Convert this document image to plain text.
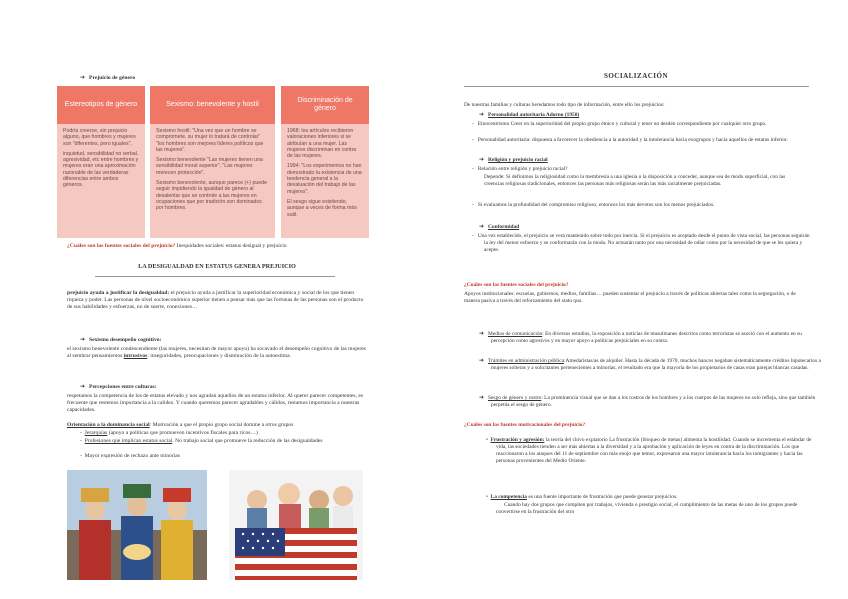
➔ Prejuicio de género

Estereotipos de género	Sexismo: benevolente y hostil
Discriminación de género

Podría creerse, sin prejuicio alguno, que hombres y mujeres son "diferentes, pero iguales",

inquietud, sensibilidad no verbal, agresividad, etc entre hombres y mujeres eran una aproximación razonable de las verdaderas diferencias entre ambos géneros.

Sexismo hostil: "Una vez que un hombre se compromete, su mujer lo tratará de controlar" "los hombres son mejores líderes políticos que las mujeres".

Sexismo benevolente "Las mujeres tienen una sensibilidad moral superior", "Las mujeres merecen protección".

Sexismo benevolente, aunque parece (+) puede seguir impidiendo la igualdad de género al desalentar que se controle a las mujeres en ocupaciones que por tradición son dominados por hombres.

1968: los artículos recibieron valoraciones inferiores si se atribuían a una mujer. Las mujeres discriminan en contra de las mujeres.

1994: "Los experimentos no han demostrado la existencia de una tendencia general a la devaluación del trabajo de las mujeres".

El sesgo sigue existiendo, aunque a veces de forma más sutil.

¿Cuáles son las fuentes sociales del prejuicio? Inequidades sociales: estatus desigual y prejuicio

LA DESIGUALDAD EN ESTATUS GENERA PREJUICIO

prejuicio ayuda a justificar la desigualdad: el prejuicio ayuda a justificar la superioridad económica y social de los que tienen riqueza y poder. Las personas de nivel socioeconómico superior tienen a pensar más que las fortunas de las personas son el producto de sus habilidades y esfuerzas, no de suerte, conexiones…

➔ Sexismo desempeño cognitivo:

el sexismo benevolente condescendiente (las mujeres, necesitan de mayor apoyo) ha socavado el desempeño cognitivo de las mujeres al sembrar pensamientos intrusivos: inseguridades, preocupaciones y disminución de la autoestima.

➔ Percepciones entre culturas:

respetamos la competencia de los de estatus elevado y nos agradan aquellos de un estatus inferior. Al querer parecer competentes, es frecuente que restemos importancia a la calidez. Y cuando queremos parecer agradables y cálidos, restamos importancia a nuestras capacidades.

Orientación a la dominancia social: Motivación a que el propio grupo social domine a otros grupos

-  Jerarquías (apoyo a políticas que promueven incentivos fiscales para ricos…)

-  Profesiones que implican estatus social. No trabajo social que promueve la reducción de las desigualdades

-  Mayor expresión de rechazo ante minorías

SOCIALIZACIÓN

De nuestras familias y culturas heredamos todo tipo de información, entre ello los prejuicios:

➔ Personalidad autoritaria Adorno (1950)

-   Etnocentrismo Creer en la superioridad del propio grupo étnico y cultural y tener un desdén correspondiente por cualquier otro grupo.

-   Personalidad autoritaria: dispuesta a favorecer la obediencia a la autoridad y la intolerancia hacia exogrupos y hacia aquellos de estatus inferior.

➔ Religión y prejuicio racial

-   Relación entre religión y prejuicio racial?

Depende: Si definimos la religiosidad como la membresía a una iglesia o la disposición a conceder, aunque sea de modo superficial, con las creencias religiosas tradicionales, entonces las personas más religiosas serán las más racialmente prejuiciadas.

-   Si evaluamos la profundidad del compromiso religioso, entonces los más devotos son los menos prejuiciados.

➔ Conformidad

-   Una vez establecido, el prejuicio se verá mantenido sobre todo por inercia. Si el prejuicio es aceptado desde el punto de vista social, las personas seguirán la ley del menor esfuerzo y se conformarán con la moda. No actuarán tanto por una necesidad de odiar como por la necesidad de que se les quiera y acepte.

¿Cuáles son las fuentes sociales del prejuicio?

Apoyos institucionales: escuelas, gobiernos, medios, familias… pueden sustentar el prejuicio a través de políticas abiertas tales como la segregación, o de manera pasiva a través del reforzamiento del statu quo.

➔ Medios de comunicación: En diversos estudios, la exposición a noticias de musulmanes descritos como terroristas se asoció con el aumento en su percepción como agresivos y en mayor apoyo a políticas prejuiciales en su contra.

➔ Trámites en administración pública:Amedarístas/as de alquiler. Hasta la década de 1970, muchos bancos negaban sistemáticamente créditos hipotecarios a mujeres solteras y a solicitantes pertenecientes a minorías, el resultado era que la mayoría de los propietarios de casas eran parejas blancas casadas.

➔ Sesgo de género y rostro: La prominencia visual que se dan a los rostros de los hombres y a los cuerpos de las mujeres no solo refleja, sino que también perpetúa el sesgo de género.

¿Cuáles son las fuentes motivacionales del prejuicio?

•  Frustración y agresión: la teoría del chivo expiatorio La frustración (bloqueo de metas) alimenta la hostilidad. Cuando se incrementa el estándar de vida, las sociedades tienden a ser más abiertas a la diversidad y a la aprobación y aplicación de leyes en contra de la discriminación. Los que reaccionaron a los ataques del 11 de septiembre con más enojo que temor, expresaron una mayor intolerancia hacia los inmigrantes y hacia las personas provenientes del Medio Oriente.

•  La competencia es una fuente importante de frustración que puede generar prejuicios.

Cuando hay dos grupos que compiten por trabajos, vivienda o prestigio social, el cumplimiento de las metas de uno de los grupos puede convertirse en la frustración del otro
